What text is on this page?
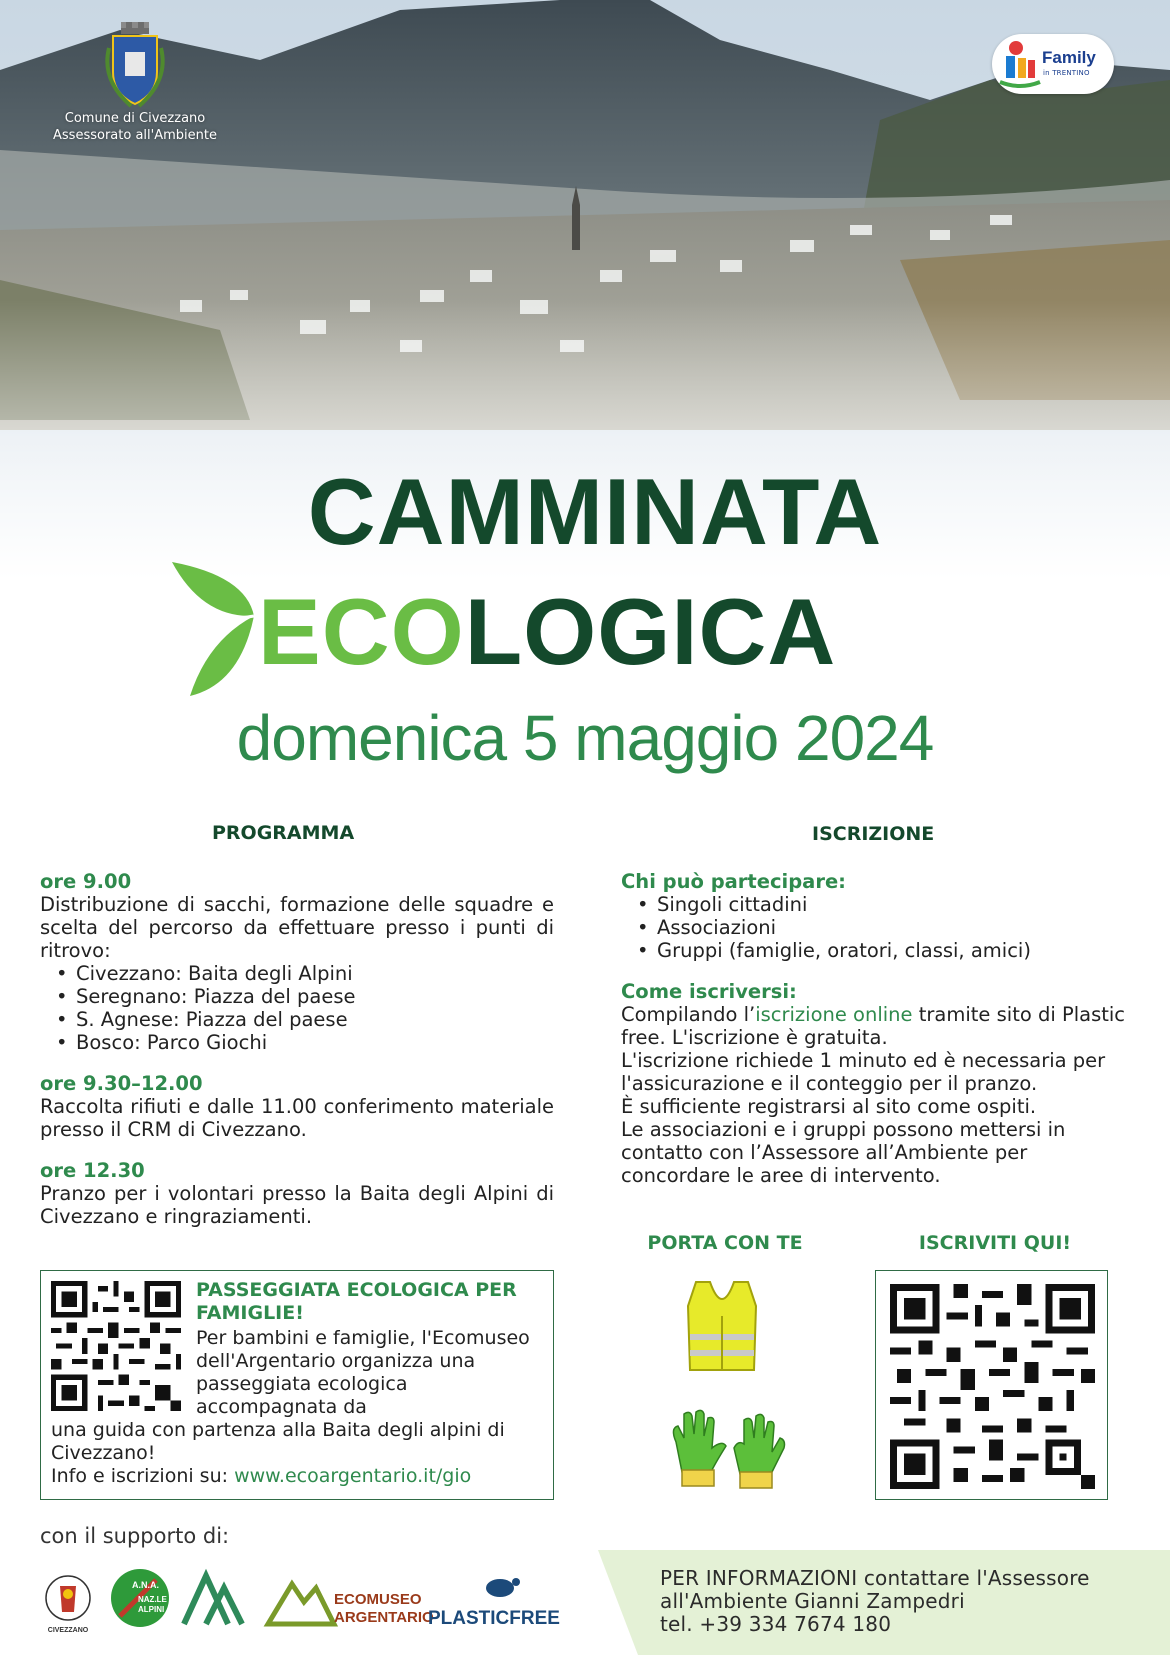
Comune di Civezzano
Assessorato all'Ambiente
Family
in TRENTINO
CAMMINATA
ECOLOGICA
domenica 5 maggio 2024
PROGRAMMA
ore 9.00
Distribuzione di sacchi, formazione delle squadre e scelta del percorso da effettuare presso i punti di ritrovo:
• Civezzano: Baita degli Alpini
• Seregnano: Piazza del paese
• S. Agnese: Piazza del paese
• Bosco: Parco Giochi
ore 9.30–12.00
Raccolta rifiuti e dalle 11.00 conferimento materiale presso il CRM di Civezzano.
ore 12.30
Pranzo per i volontari presso la Baita degli Alpini di Civezzano e ringraziamenti.
ISCRIZIONE
Chi può partecipare:
• Singoli cittadini
• Associazioni
• Gruppi (famiglie, oratori, classi, amici)
Come iscriversi:
Compilando l’iscrizione online tramite sito di Plastic free. L'iscrizione è gratuita.
L'iscrizione richiede 1 minuto ed è necessaria per l'assicurazione e il conteggio per il pranzo.
È sufficiente registrarsi al sito come ospiti.
Le associazioni e i gruppi possono mettersi in contatto con l’Assessore all’Ambiente per concordare le aree di intervento.
PASSEGGIATA ECOLOGICA PER FAMIGLIE!
Per bambini e famiglie, l'Ecomuseo dell'Argentario organizza una passeggiata ecologica accompagnata da
una guida con partenza alla Baita degli alpini di Civezzano!
Info e iscrizioni su: www.ecoargentario.it/gio
PORTA CON TE	ISCRIVITI QUI!
con il supporto di:
CIVEZZANO
A.N.A.
NAZ.LE
ALPINI
ECOMUSEO
ARGENTARIO
PLASTICFREE
PER INFORMAZIONI contattare l'Assessore
all'Ambiente Gianni Zampedri
tel. +39 334 7674 180
